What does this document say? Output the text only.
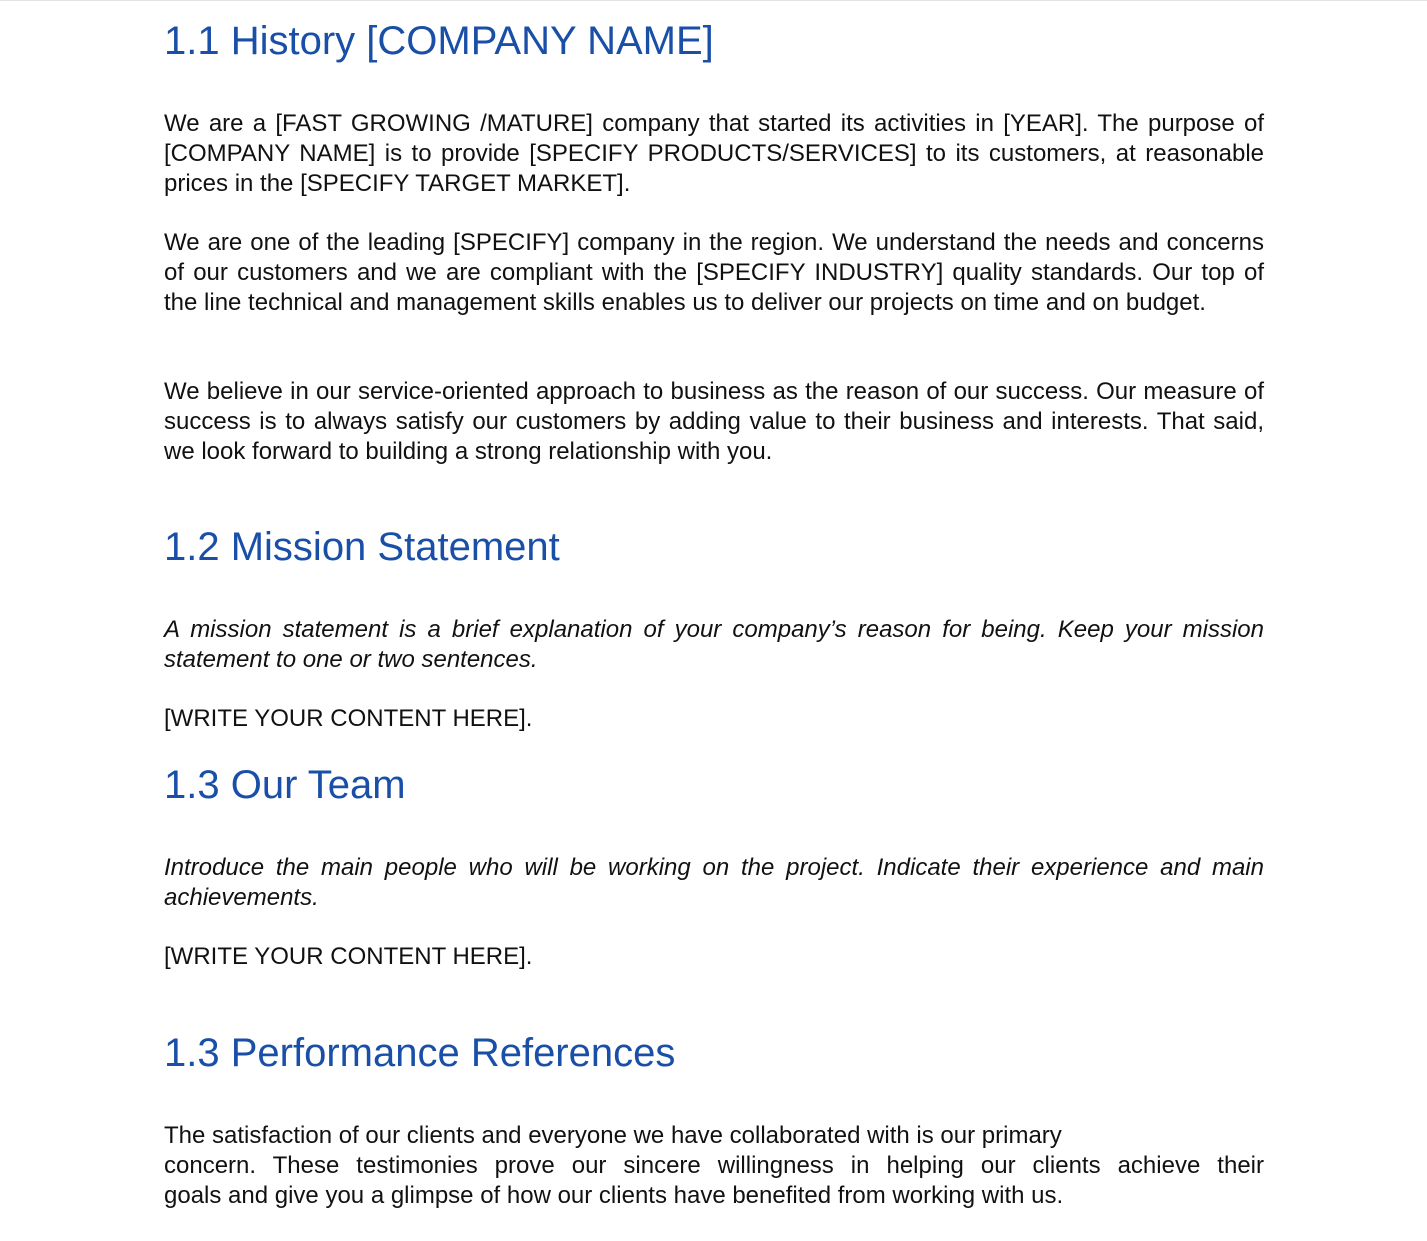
1.1 History [COMPANY NAME]

We are a [FAST GROWING /MATURE] company that started its activities in [YEAR]. The purpose of [COMPANY NAME] is to provide [SPECIFY PRODUCTS/SERVICES] to its customers, at reasonable prices in the [SPECIFY TARGET MARKET].

We are one of the leading [SPECIFY] company in the region. We understand the needs and concerns of our customers and we are compliant with the [SPECIFY INDUSTRY] quality standards. Our top of the line technical and management skills enables us to deliver our projects on time and on budget.

We believe in our service-oriented approach to business as the reason of our success. Our measure of success is to always satisfy our customers by adding value to their business and interests. That said, we look forward to building a strong relationship with you.

1.2 Mission Statement

A mission statement is a brief explanation of your company’s reason for being. Keep your mission statement to one or two sentences.

[WRITE YOUR CONTENT HERE].

1.3 Our Team

Introduce the main people who will be working on the project. Indicate their experience and main achievements.

[WRITE YOUR CONTENT HERE].

1.3 Performance References
The satisfaction of our clients and everyone we have collaborated with is our primary
concern. These testimonies prove our sincere willingness in helping our clients achieve their
goals and give you a glimpse of how our clients have benefited from working with us.
